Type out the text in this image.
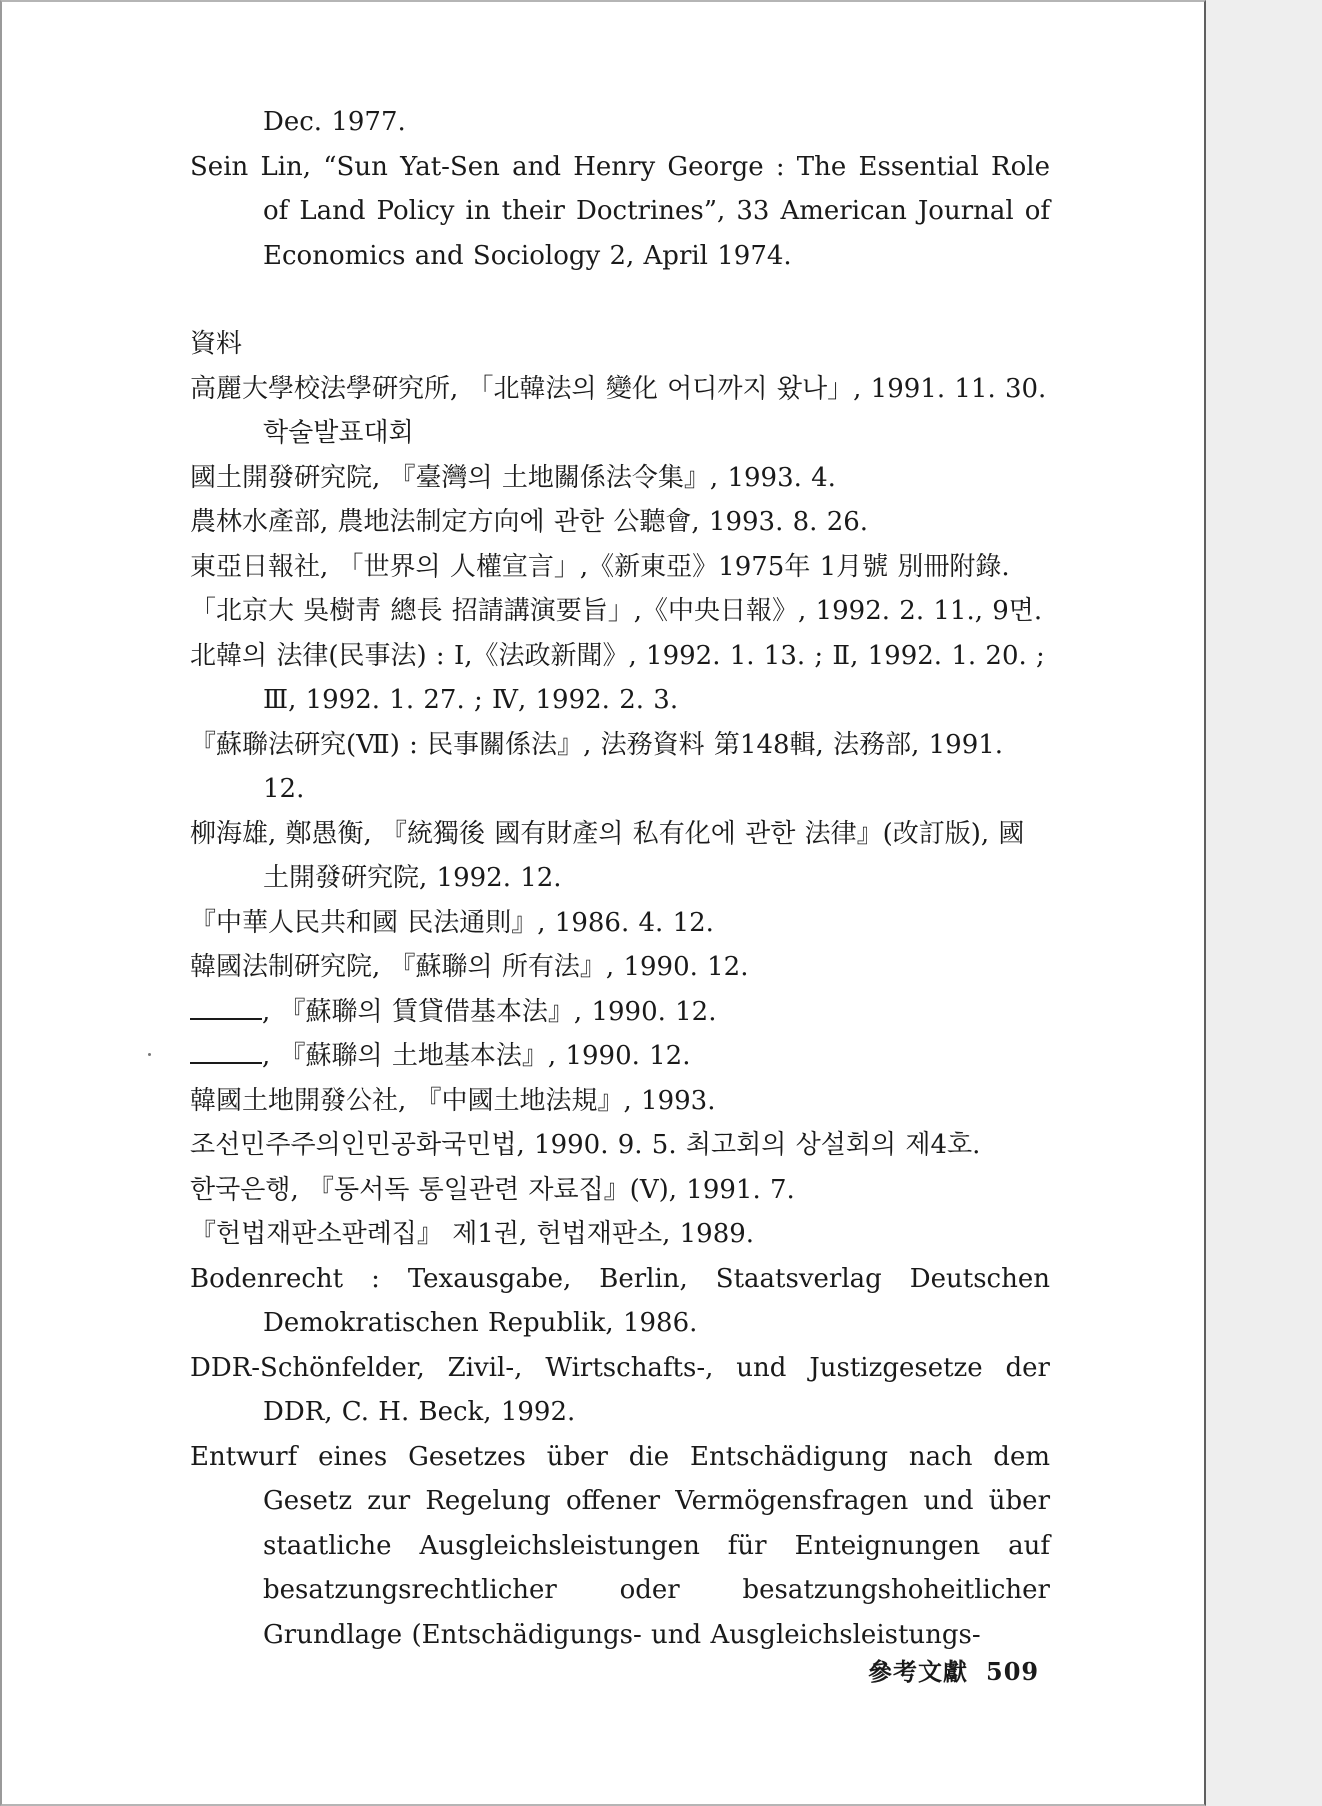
Dec. 1977.
Sein Lin, “Sun Yat-Sen and Henry George : The Essential Role of Land Policy in their Doctrines”, 33 American Journal of Economics and Sociology 2, April 1974.
資料
高麗大學校法學硏究所, 「北韓法의 變化 어디까지 왔나」, 1991. 11. 30. 학술발표대회
國土開發硏究院, 『臺灣의 土地關係法令集』, 1993. 4.
農林水產部, 農地法制定方向에 관한 公聽會, 1993. 8. 26.
東亞日報社, 「世界의 人權宣言」,《新東亞》1975年 1月號 別冊附錄.
「北京大 吳樹靑 總長 招請講演要旨」,《中央日報》, 1992. 2. 11., 9면.
北韓의 法律(民事法) : Ⅰ,《法政新聞》, 1992. 1. 13. ; Ⅱ, 1992. 1. 20. ; Ⅲ, 1992. 1. 27. ; Ⅳ, 1992. 2. 3.
『蘇聯法硏究(Ⅶ) : 民事關係法』, 法務資料 第148輯, 法務部, 1991. 12.
柳海雄, 鄭愚衡, 『統獨後 國有財產의 私有化에 관한 法律』(改訂版), 國土開發硏究院, 1992. 12.
『中華人民共和國 民法通則』, 1986. 4. 12.
韓國法制硏究院, 『蘇聯의 所有法』, 1990. 12.
, 『蘇聯의 賃貸借基本法』, 1990. 12.
, 『蘇聯의 土地基本法』, 1990. 12.
韓國土地開發公社, 『中國土地法規』, 1993.
조선민주주의인민공화국민법, 1990. 9. 5. 최고회의 상설회의 제4호.
한국은행, 『동서독 통일관련 자료집』(V), 1991. 7.
『헌법재판소판례집』 제1권, 헌법재판소, 1989.
Bodenrecht : Texausgabe, Berlin, Staatsverlag Deutschen Demokratischen Republik, 1986.
DDR-Schönfelder, Zivil-, Wirtschafts-, und Justizgesetze der DDR, C. H. Beck, 1992.
Entwurf eines Gesetzes über die Entschädigung nach dem Gesetz zur Regelung offener Vermögensfragen und über staatliche Ausgleichsleistungen für Enteignungen auf besatzungsrechtlicher oder besatzungshoheitlicher Grundlage (Entschädigungs- und Ausgleichsleistungs-
參考文獻 509
